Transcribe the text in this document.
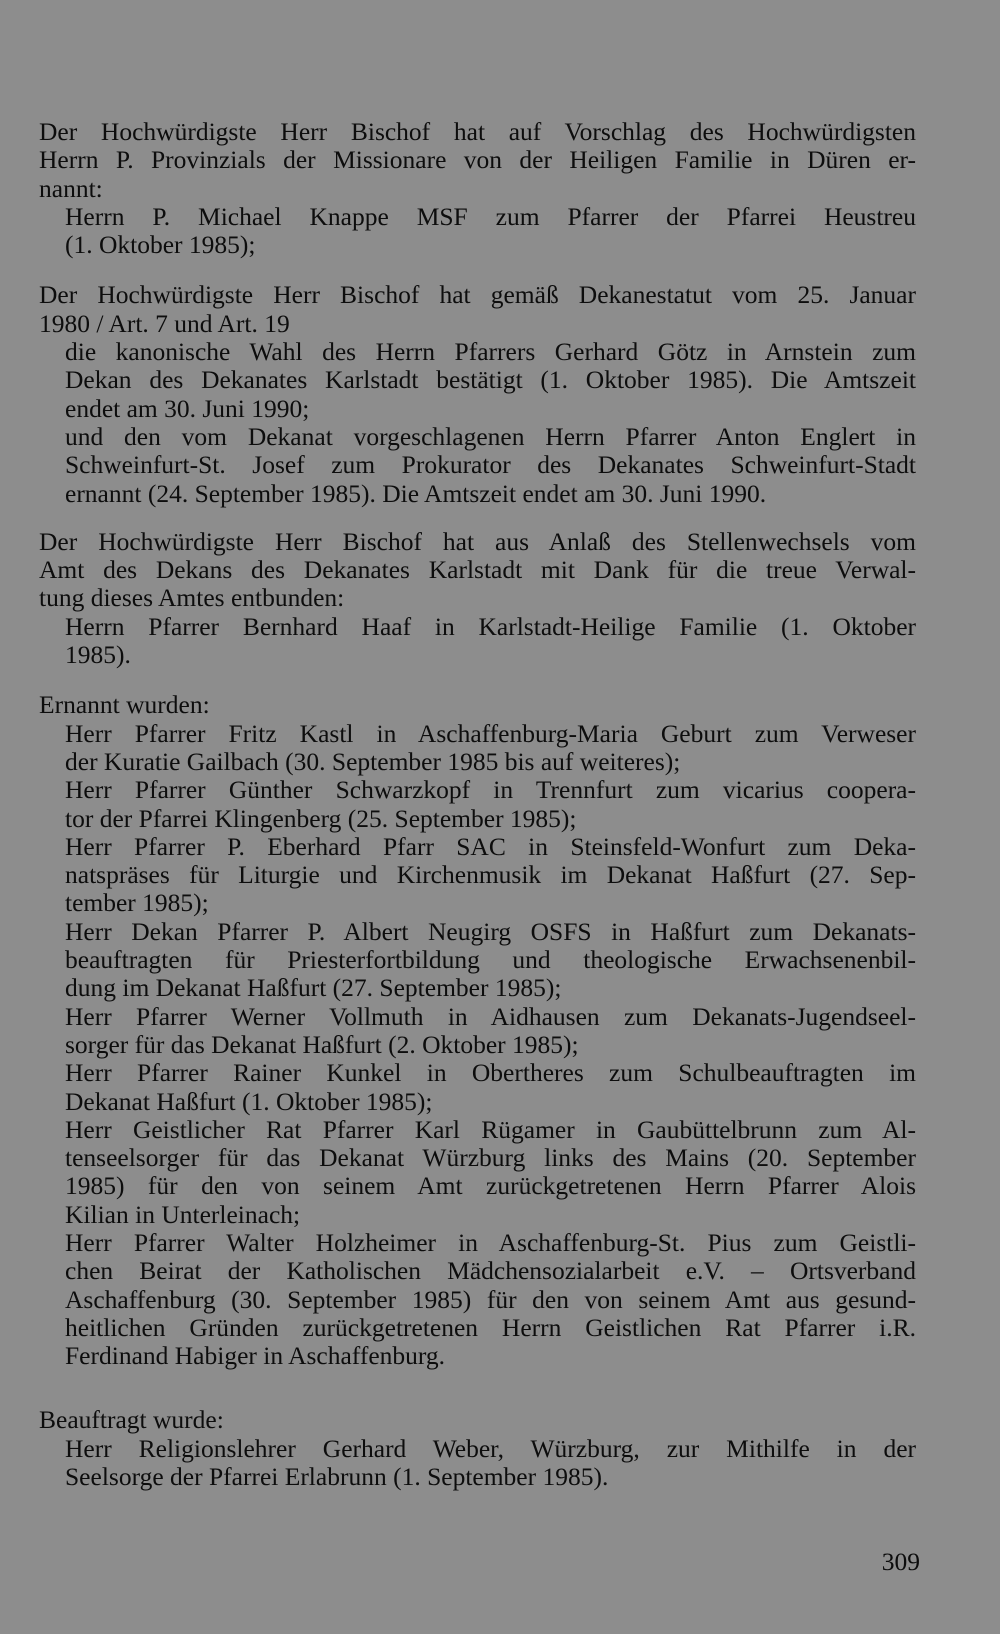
Der Hochwürdigste Herr Bischof hat auf Vorschlag des Hochwürdigsten
Herrn P. Provinzials der Missionare von der Heiligen Familie in Düren er-
nannt:
Herrn P. Michael Knappe MSF zum Pfarrer der Pfarrei Heustreu
(1. Oktober 1985);
Der Hochwürdigste Herr Bischof hat gemäß Dekanestatut vom 25. Januar
1980 / Art. 7 und Art. 19
die kanonische Wahl des Herrn Pfarrers Gerhard Götz in Arnstein zum
Dekan des Dekanates Karlstadt bestätigt (1. Oktober 1985). Die Amtszeit
endet am 30. Juni 1990;
und den vom Dekanat vorgeschlagenen Herrn Pfarrer Anton Englert in
Schweinfurt-St. Josef zum Prokurator des Dekanates Schweinfurt-Stadt
ernannt (24. September 1985). Die Amtszeit endet am 30. Juni 1990.
Der Hochwürdigste Herr Bischof hat aus Anlaß des Stellenwechsels vom
Amt des Dekans des Dekanates Karlstadt mit Dank für die treue Verwal-
tung dieses Amtes entbunden:
Herrn Pfarrer Bernhard Haaf in Karlstadt-Heilige Familie (1. Oktober
1985).
Ernannt wurden:
Herr Pfarrer Fritz Kastl in Aschaffenburg-Maria Geburt zum Verweser
der Kuratie Gailbach (30. September 1985 bis auf weiteres);
Herr Pfarrer Günther Schwarzkopf in Trennfurt zum vicarius coopera-
tor der Pfarrei Klingenberg (25. September 1985);
Herr Pfarrer P. Eberhard Pfarr SAC in Steinsfeld-Wonfurt zum Deka-
natspräses für Liturgie und Kirchenmusik im Dekanat Haßfurt (27. Sep-
tember 1985);
Herr Dekan Pfarrer P. Albert Neugirg OSFS in Haßfurt zum Dekanats-
beauftragten für Priesterfortbildung und theologische Erwachsenenbil-
dung im Dekanat Haßfurt (27. September 1985);
Herr Pfarrer Werner Vollmuth in Aidhausen zum Dekanats-Jugendseel-
sorger für das Dekanat Haßfurt (2. Oktober 1985);
Herr Pfarrer Rainer Kunkel in Obertheres zum Schulbeauftragten im
Dekanat Haßfurt (1. Oktober 1985);
Herr Geistlicher Rat Pfarrer Karl Rügamer in Gaubüttelbrunn zum Al-
tenseelsorger für das Dekanat Würzburg links des Mains (20. September
1985) für den von seinem Amt zurückgetretenen Herrn Pfarrer Alois
Kilian in Unterleinach;
Herr Pfarrer Walter Holzheimer in Aschaffenburg-St. Pius zum Geistli-
chen Beirat der Katholischen Mädchensozialarbeit e.V. – Ortsverband
Aschaffenburg (30. September 1985) für den von seinem Amt aus gesund-
heitlichen Gründen zurückgetretenen Herrn Geistlichen Rat Pfarrer i.R.
Ferdinand Habiger in Aschaffenburg.
Beauftragt wurde:
Herr Religionslehrer Gerhard Weber, Würzburg, zur Mithilfe in der
Seelsorge der Pfarrei Erlabrunn (1. September 1985).
309
